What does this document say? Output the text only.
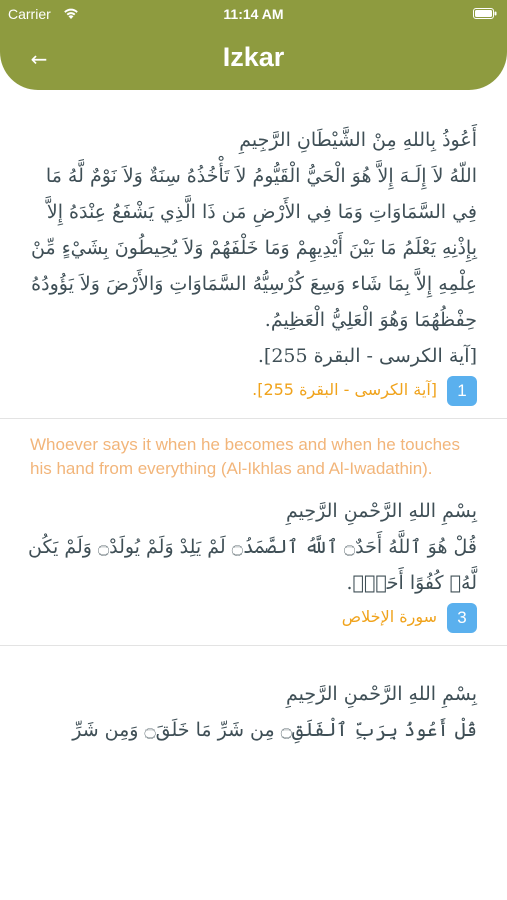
Carrier	11:14 AM
←	Izkar
أَعُوذُ بِاللهِ مِنْ الشَّيْطَانِ الرَّجِيمِ
اللّهُ لاَ إِلَـهَ إِلاَّ هُوَ الْحَيُّ الْقَيُّومُ لاَ تَأْخُذُهُ سِنَةٌ وَلاَ نَوْمٌ لَّهُ مَا فِي السَّمَاوَاتِ وَمَا فِي الأَرْضِ مَن ذَا الَّذِي يَشْفَعُ عِنْدَهُ إِلاَّ بِإِذْنِهِ يَعْلَمُ مَا بَيْنَ أَيْدِيهِمْ وَمَا خَلْفَهُمْ وَلاَ يُحِيطُونَ بِشَيْءٍ مِّنْ عِلْمِهِ إِلاَّ بِمَا شَاء وَسِعَ كُرْسِيُّهُ السَّمَاوَاتِ وَالأَرْضَ وَلاَ يَؤُودُهُ حِفْظُهُمَا وَهُوَ الْعَلِيُّ الْعَظِيمُ.
[آية الكرسى - البقرة 255].
1
[آية الكرسى - البقرة 255].
Whoever says it when he becomes and when he touches his hand from everything (Al-Ikhlas and Al-Iwadathin).
بِسْمِ اللهِ الرَّحْمنِ الرَّحِيمِ
قُلْ هُوَ ٱللَّهُ أَحَدٌ۝ ٱللَّهُ ٱلصَّمَدُ۝ لَمْ يَلِدْ وَلَمْ يُولَدْ۝ وَلَمْ يَكُن لَّهُۥ كُفُوًا أَحَدٌۢ.
3
سورة الإخلاص
بِسْمِ اللهِ الرَّحْمنِ الرَّحِيمِ
قُلْ أَعُوذُ بِرَبِّ ٱلْفَلَقِ۝ مِن شَرِّ مَا خَلَقَ۝ وَمِن شَرِّ
